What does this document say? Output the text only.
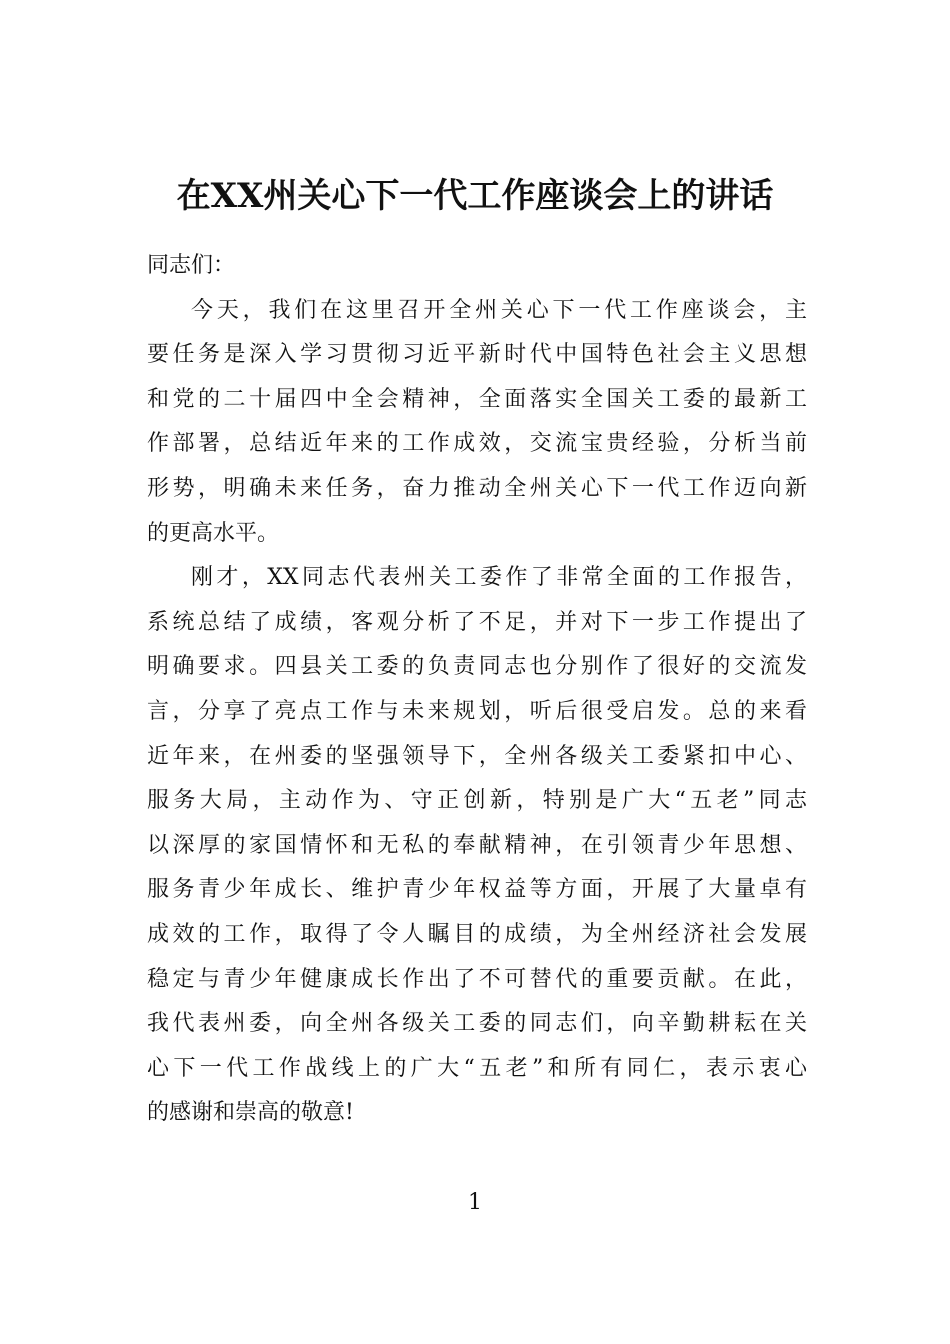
在XX州关心下一代工作座谈会上的讲话
同志们：
今天，我们在这里召开全州关心下一代工作座谈会，主
要任务是深入学习贯彻习近平新时代中国特色社会主义思想
和党的二十届四中全会精神，全面落实全国关工委的最新工
作部署，总结近年来的工作成效，交流宝贵经验，分析当前
形势，明确未来任务，奋力推动全州关心下一代工作迈向新
的更高水平。
刚才，XX同志代表州关工委作了非常全面的工作报告，
系统总结了成绩，客观分析了不足，并对下一步工作提出了
明确要求。四县关工委的负责同志也分别作了很好的交流发
言，分享了亮点工作与未来规划，听后很受启发。总的来看
近年来，在州委的坚强领导下，全州各级关工委紧扣中心、
服务大局，主动作为、守正创新，特别是广大“五老”同志
以深厚的家国情怀和无私的奉献精神，在引领青少年思想、
服务青少年成长、维护青少年权益等方面，开展了大量卓有
成效的工作，取得了令人瞩目的成绩，为全州经济社会发展
稳定与青少年健康成长作出了不可替代的重要贡献。在此，
我代表州委，向全州各级关工委的同志们，向辛勤耕耘在关
心下一代工作战线上的广大“五老”和所有同仁，表示衷心
的感谢和崇高的敬意!
1
